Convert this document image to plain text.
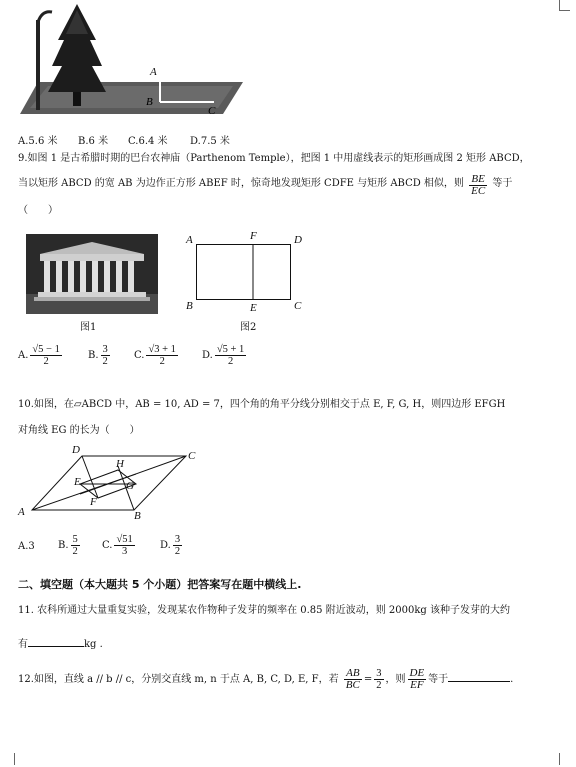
A
B
C
A.5.6 米 B.6 米 C.6.4 米 D.7.5 米
9.如图 1 是古希腊时期的巴台农神庙（Parthenom Temple），把图 1 中用虚线表示的矩形画成图 2 矩形 ABCD，
当以矩形 ABCD 的宽 AB 为边作正方形 ABEF 时，惊奇地发现矩形 CDFE 与矩形 ABCD 相似，则 $\frac{BE}{EC}$ 等于
（　　）
图1
A	F	D
B	E	C
图2
A. $\frac{√5 - 1}{2}$	B. $\frac{3}{2} C$. $\frac{√3 + 1}{2} D$. $\frac{√5 + 1}{2}$
10.如图，在▱ABCD 中，AB = 10, AD = 7，四个角的角平分线分别相交于点 E, F, G, H，则四边形 EFGH
对角线 EG 的长为（　　）
D	C
H
E	G
F
A	B
A.3 B. $\frac{5}{2} C$. $\frac{√51}{3}$	D. $\frac{3}{2}$
二、填空题（本大题共 5 个小题）把答案写在题中横线上.
11. 农科所通过大量重复实验，发现某农作物种子发芽的频率在 0.85 附近波动，则 2000kg 该种子发芽的大约
有	kg .
12.如图，直线 a // b // c，分别交直线 m, n 于点 A, B, C, D, E, F，若 $\frac{AB}{BC} = \frac{3}{2}$ ，则 $\frac{DE}{EF}$ 等于	.
